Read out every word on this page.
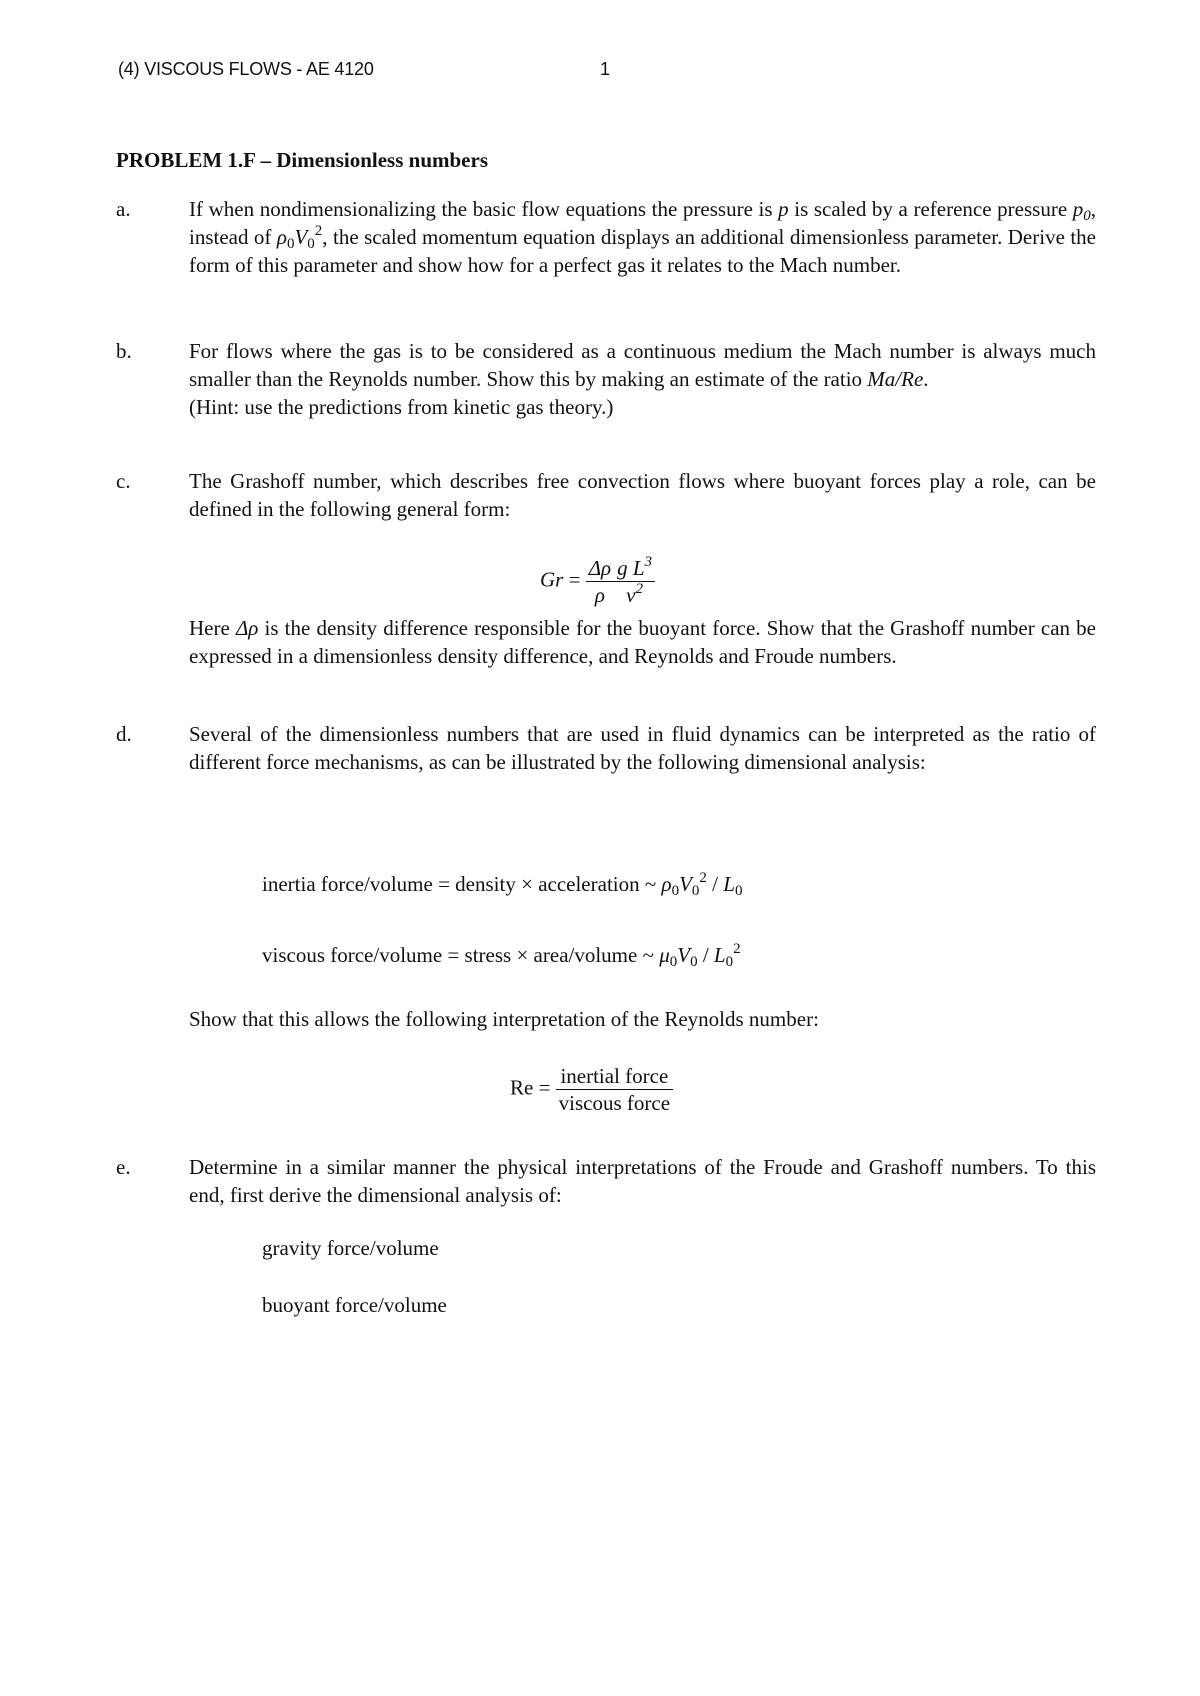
(4) VISCOUS FLOWS - AE 4120	1
PROBLEM 1.F – Dimensionless numbers
a.	If when nondimensionalizing the basic flow equations the pressure is p is scaled by a reference pressure $p_0$, instead of $\rho_0V_0^2$, the scaled momentum equation displays an additional dimensionless parameter. Derive the form of this parameter and show how for a perfect gas it relates to the Mach number.

b.	For flows where the gas is to be considered as a continuous medium the Mach number is always much smaller than the Reynolds number. Show this by making an estimate of the ratio Ma/Re.

(Hint: use the predictions from kinetic gas theory.)

c.	The Grashoff number, which describes free convection flows where buoyant forces play a role, can be defined in the following general form:

$Gr = \frac{\Delta\rho}{\rho} \frac{g L^3}{\nu^2}$

Here Δρ is the density difference responsible for the buoyant force. Show that the Grashoff number can be expressed in a dimensionless density difference, and Reynolds and Froude numbers.

d.	Several of the dimensionless numbers that are used in fluid dynamics can be interpreted as the ratio of different force mechanisms, as can be illustrated by the following dimensional analysis:

inertia force/volume = density × acceleration ~ $\rho_0V_0^2 / L_0$
viscous force/volume = stress × area/volume ~ $\mu_0V_0 / L_0^2$

Show that this allows the following interpretation of the Reynolds number:

$Re = \frac{\text{inertial force}}{\text{viscous force}}$
e.	Determine in a similar manner the physical interpretations of the Froude and Grashoff numbers. To this end, first derive the dimensional analysis of:

gravity force/volume
buoyant force/volume
